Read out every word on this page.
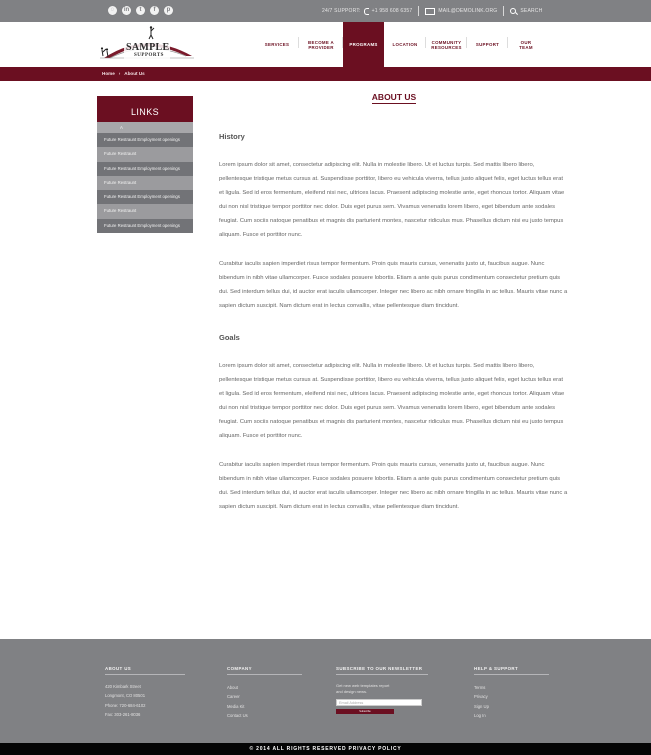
◌	in	t	f	p	24/7 SUPPORT: +1 958 608 6357	MAIL@DEMOLINK.ORG	SEARCH
SAMPLE
SUPPORTS
SERVICES	BECOME A PROVIDER	PROGRAMS	LOCATION	COMMUNITY RESOURCES	SUPPORT	OUR TEAM
Home › About Us
LINKS
A
Future Restraunt Employment openings
Future Restraunt
Future Restraunt Employment openings
Future Restraunt
Future Restraunt Employment openings
Future Restraunt
Future Restraunt Employment openings
ABOUT US
History

Lorem ipsum dolor sit amet, consectetur adipiscing elit. Nulla in molestie libero. Ut et luctus turpis. Sed mattis libero libero, pellentesque tristique metus cursus at. Suspendisse porttitor, libero eu vehicula viverra, tellus justo aliquet felis, eget luctus tellus erat et ligula. Sed id eros fermentum, eleifend nisi nec, ultrices lacus. Praesent adipiscing molestie ante, eget rhoncus tortor. Aliquam vitae dui non nisl tristique tempor porttitor nec dolor. Duis eget purus sem. Vivamus venenatis lorem libero, eget bibendum ante sodales feugiat. Cum sociis natoque penatibus et magnis dis parturient montes, nascetur ridiculus mus. Phasellus dictum nisi eu justo tempus aliquam. Fusce et porttitor nunc.

Curabitur iaculis sapien imperdiet risus tempor fermentum. Proin quis mauris cursus, venenatis justo ut, faucibus augue. Nunc bibendum in nibh vitae ullamcorper. Fusce sodales posuere lobortis. Etiam a ante quis purus condimentum consectetur pretium quis dui. Sed interdum tellus dui, id auctor erat iaculis ullamcorper. Integer nec libero ac nibh ornare fringilla in ac tellus. Mauris vitae nunc a sapien dictum suscipit. Nam dictum erat in lectus convallis, vitae pellentesque diam tincidunt.

Goals

Lorem ipsum dolor sit amet, consectetur adipiscing elit. Nulla in molestie libero. Ut et luctus turpis. Sed mattis libero libero, pellentesque tristique metus cursus at. Suspendisse porttitor, libero eu vehicula viverra, tellus justo aliquet felis, eget luctus tellus erat et ligula. Sed id eros fermentum, eleifend nisi nec, ultrices lacus. Praesent adipiscing molestie ante, eget rhoncus tortor. Aliquam vitae dui non nisl tristique tempor porttitor nec dolor. Duis eget purus sem. Vivamus venenatis lorem libero, eget bibendum ante sodales feugiat. Cum sociis natoque penatibus et magnis dis parturient montes, nascetur ridiculus mus. Phasellus dictum nisi eu justo tempus aliquam. Fusce et porttitor nunc.

Curabitur iaculis sapien imperdiet risus tempor fermentum. Proin quis mauris cursus, venenatis justo ut, faucibus augue. Nunc bibendum in nibh vitae ullamcorper. Fusce sodales posuere lobortis. Etiam a ante quis purus condimentum consectetur pretium quis dui. Sed interdum tellus dui, id auctor erat iaculis ullamcorper. Integer nec libero ac nibh ornare fringilla in ac tellus. Mauris vitae nunc a sapien dictum suscipit. Nam dictum erat in lectus convallis, vitae pellentesque diam tincidunt.

ABOUT US
420 Kimbark Street
Longmont, CO 80501
Phone: 720-684-6102
Fax: 303-261-8036
COMPANY
About
Career
Media Kit
Contact Us
SUBSCRIBE TO OUR NEWSLETTER
Get new web templates report
and design news.
Email Address
Subscribe
HELP & SUPPORT
Terms
Privacy
Sign Up
Log In
© 2014 ALL RIGHTS RESERVED PRIVACY POLICY
